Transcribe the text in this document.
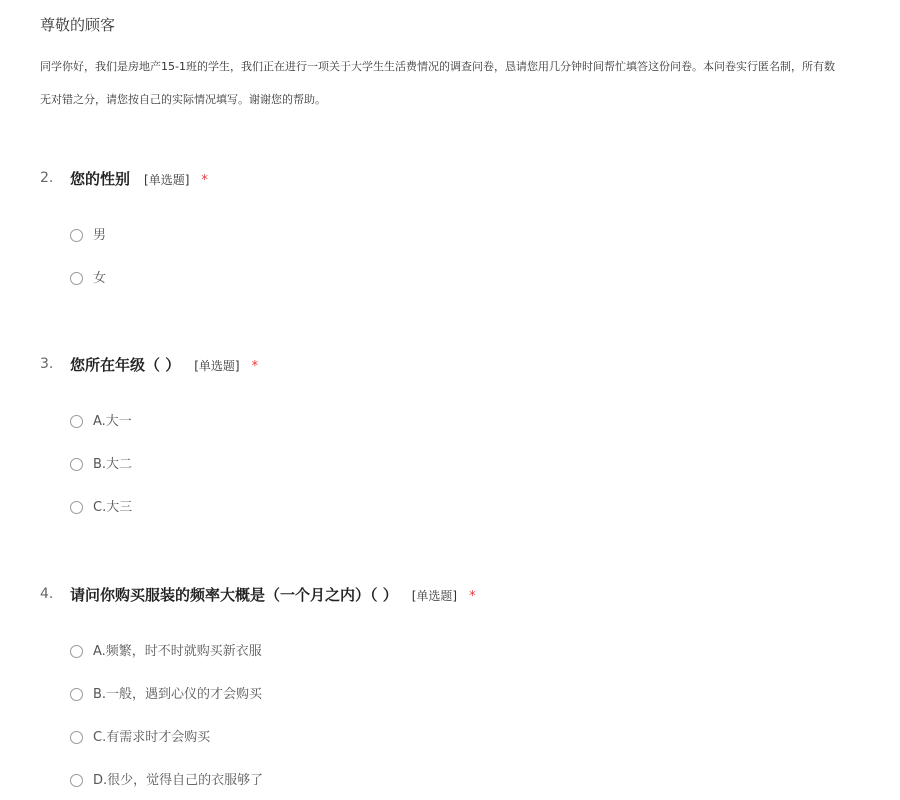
尊敬的顾客
同学你好，我们是房地产15-1班的学生，我们正在进行一项关于大学生生活费情况的调查问卷，恳请您用几分钟时间帮忙填答这份问卷。本问卷实行匿名制，所有数
无对错之分，请您按自己的实际情况填写。谢谢您的帮助。
2. 您的性别 [单选题] *
男
女
3. 您所在年级（ ） [单选题] *
A.大一
B.大二
C.大三
4. 请问你购买服装的频率大概是（一个月之内）（ ） [单选题] *
A.频繁，时不时就购买新衣服
B.一般，遇到心仪的才会购买
C.有需求时才会购买
D.很少，觉得自己的衣服够了
